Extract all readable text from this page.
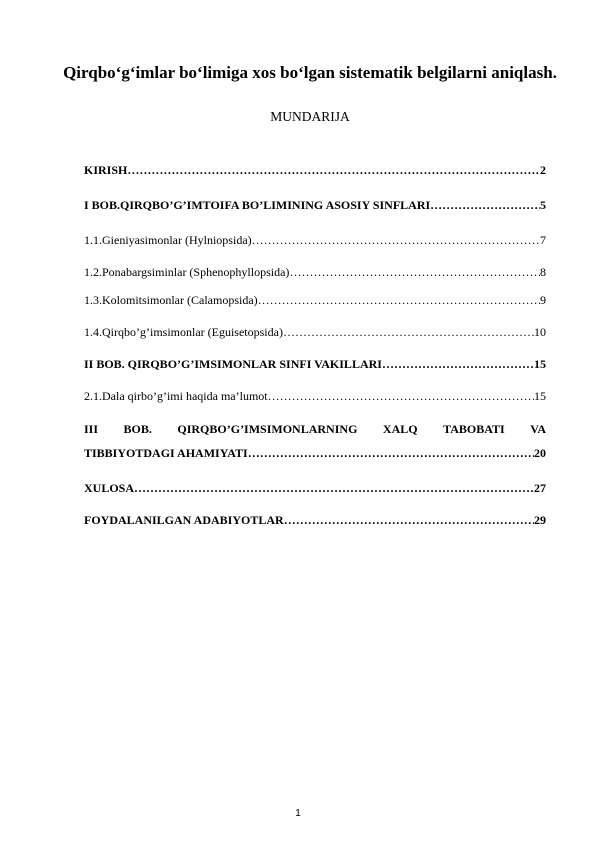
Qirqbo‘g‘imlar bo‘limiga xos bo‘lgan sistematik belgilarni aniqlash.
MUNDARIJA
KIRISH …………………………………………………………………………………………………………………………………………………………………………	2
I BOB.QIRQBO’G’IMTOIFA BO’LIMINING ASOSIY SINFLARI …………………………………………………………………………………………………………………………………………………………………………	5
1.1.Gieniyasimonlar (Hylniopsida) …………………………………………………………………………………………………………………………………………………………………………	7
1.2.Ponabargsiminlar (Sphenophyllopsida) …………………………………………………………………………………………………………………………………………………………………………	8
1.3.Kolomitsimonlar (Calamopsida) …………………………………………………………………………………………………………………………………………………………………………	9
1.4.Qirqbo’g’imsimonlar (Eguisetopsida) …………………………………………………………………………………………………………………………………………………………………………	10
II BOB. QIRQBO’G’IMSIMONLAR SINFI VAKILLARI …………………………………………………………………………………………………………………………………………………………………………	15
2.1.Dala qirbo’g’imi haqida ma’lumot …………………………………………………………………………………………………………………………………………………………………………	15
III BOB. QIRQBO’G’IMSIMONLARNING XALQ TABOBATI VA
TIBBIYOTDAGI AHAMIYATI …………………………………………………………………………………………………………………………………………………………………………	20
XULOSA …………………………………………………………………………………………………………………………………………………………………………	27
FOYDALANILGAN ADABIYOTLAR …………………………………………………………………………………………………………………………………………………………………………	29
1
